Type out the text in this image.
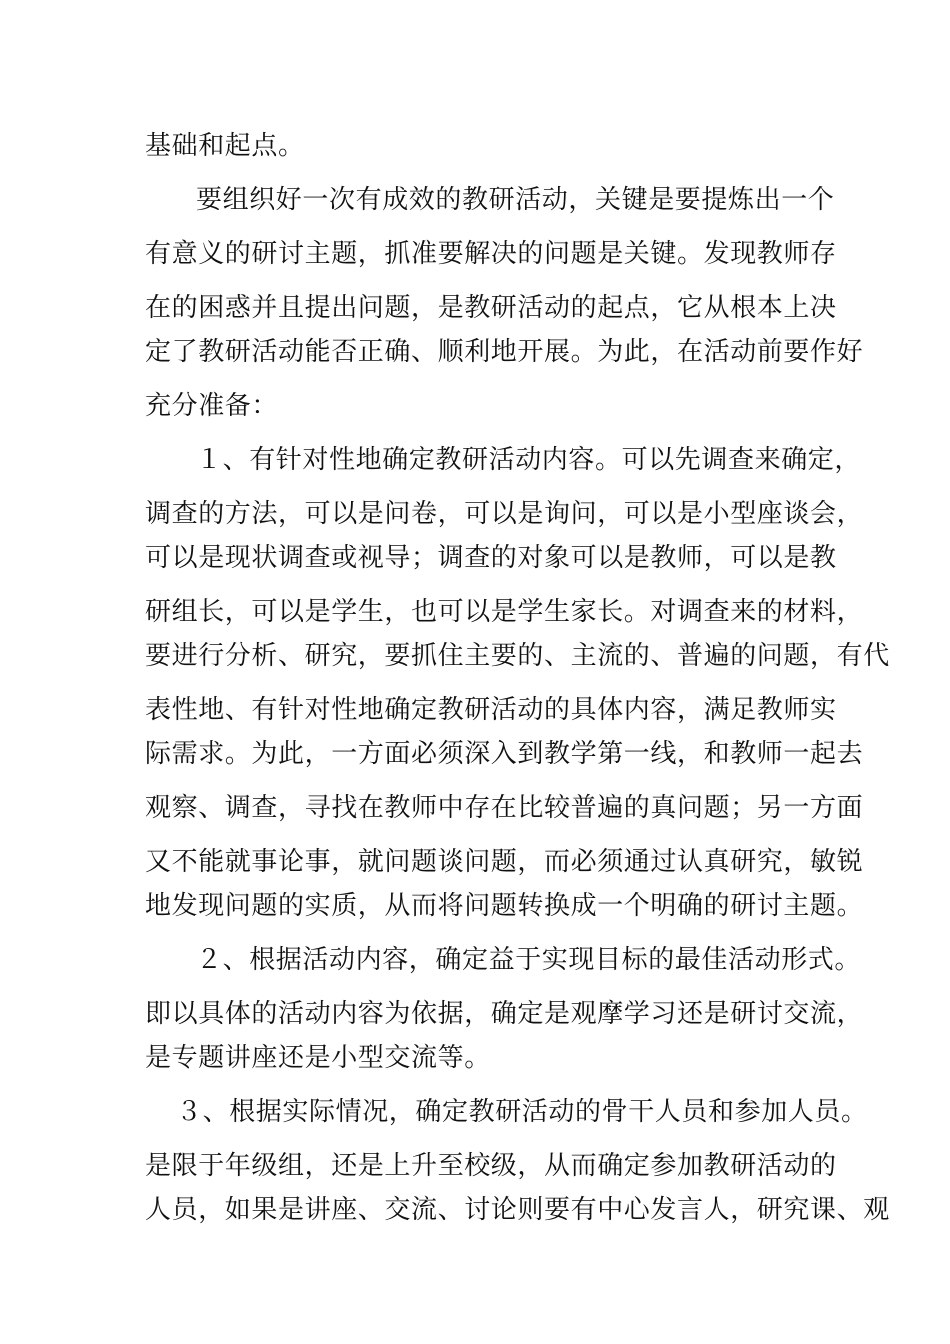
基础和起点。

要组织好一次有成效的教研活动，关键是要提炼出一个

有意义的研讨主题，抓准要解决的问题是关键。发现教师存

在的困惑并且提出问题，是教研活动的起点，它从根本上决

定了教研活动能否正确、顺利地开展。为此，在活动前要作好

充分准备：

１、有针对性地确定教研活动内容。可以先调查来确定，

调查的方法，可以是问卷，可以是询问，可以是小型座谈会，

可以是现状调查或视导；调查的对象可以是教师，可以是教

研组长，可以是学生，也可以是学生家长。对调查来的材料，

要进行分析、研究，要抓住主要的、主流的、普遍的问题，有代

表性地、有针对性地确定教研活动的具体内容，满足教师实

际需求。为此，一方面必须深入到教学第一线，和教师一起去

观察、调查，寻找在教师中存在比较普遍的真问题；另一方面

又不能就事论事，就问题谈问题，而必须通过认真研究，敏锐

地发现问题的实质，从而将问题转换成一个明确的研讨主题。

２、根据活动内容，确定益于实现目标的最佳活动形式。

即以具体的活动内容为依据，确定是观摩学习还是研讨交流，

是专题讲座还是小型交流等。

３、根据实际情况，确定教研活动的骨干人员和参加人员。

是限于年级组，还是上升至校级，从而确定参加教研活动的

人员，如果是讲座、交流、讨论则要有中心发言人，研究课、观
